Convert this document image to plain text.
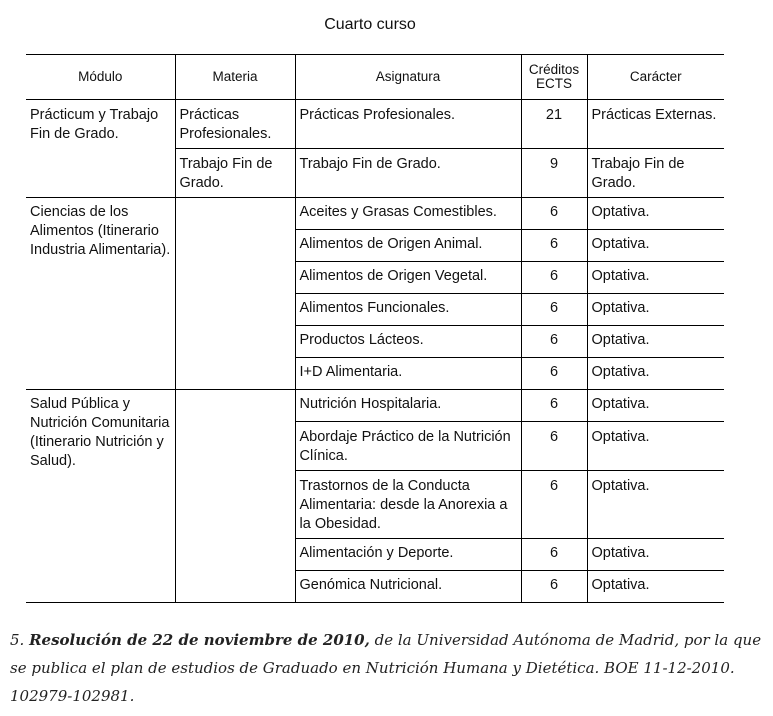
Cuarto curso
Módulo	Materia	Asignatura	Créditos ECTS	Carácter
Prácticum y Trabajo Fin de Grado.	Prácticas Profesionales.	Prácticas Profesionales.	21	Prácticas Externas.
	Trabajo Fin de Grado.	Trabajo Fin de Grado.	9	Trabajo Fin de Grado.
Ciencias de los Alimentos (Itinerario Industria Alimentaria).		Aceites y Grasas Comestibles.	6	Optativa.
		Alimentos de Origen Animal.	6	Optativa.
		Alimentos de Origen Vegetal.	6	Optativa.
		Alimentos Funcionales.	6	Optativa.
		Productos Lácteos.	6	Optativa.
		I+D Alimentaria.	6	Optativa.
Salud Pública y Nutrición Comunitaria (Itinerario Nutrición y Salud).		Nutrición Hospitalaria.	6	Optativa.
		Abordaje Práctico de la Nutrición Clínica.	6	Optativa.
		Trastornos de la Conducta Alimentaria: desde la Anorexia a la Obesidad.	6	Optativa.
		Alimentación y Deporte.	6	Optativa.
		Genómica Nutricional.	6	Optativa.
5. Resolución de 22 de noviembre de 2010, de la Universidad Autónoma de Madrid, por la que se publica el plan de estudios de Graduado en Nutrición Humana y Dietética. BOE 11-12-2010. 102979-102981.
